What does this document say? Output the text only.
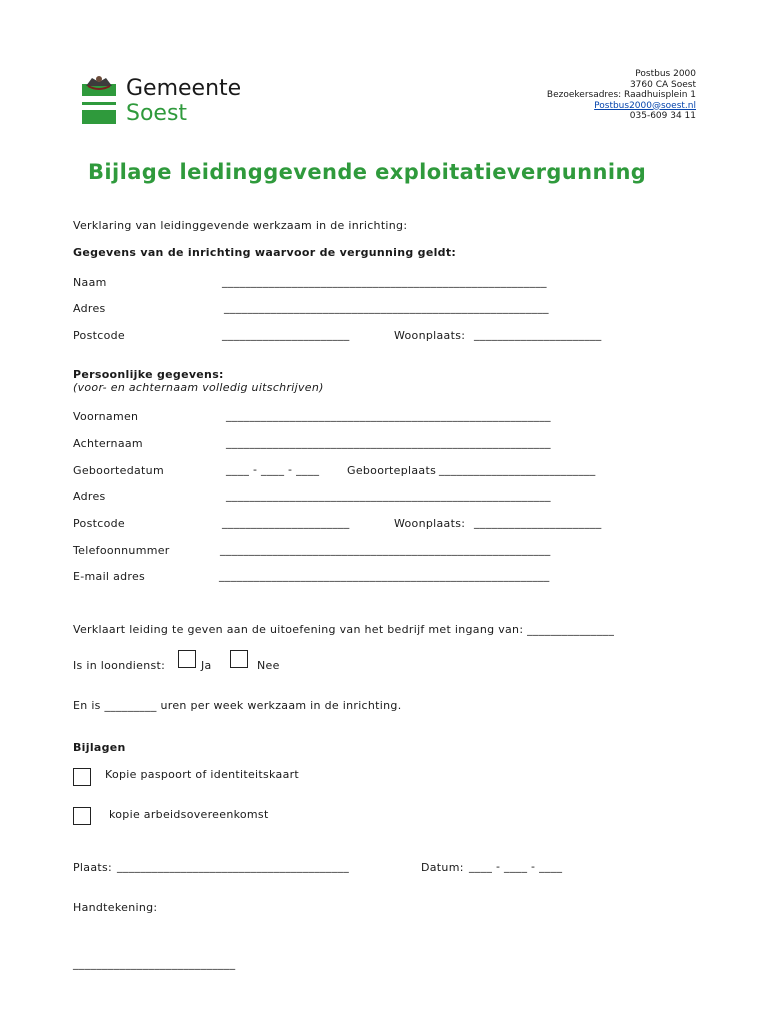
Gemeente
Soest
Postbus 2000
3760 CA Soest
Bezoekersadres: Raadhuisplein 1
Postbus2000@soest.nl
035-609 34 11
Bijlage leidinggevende exploitatievergunning
Verklaring van leidinggevende werkzaam in de inrichting:
Gegevens van de inrichting waarvoor de vergunning geldt:
Naam	________________________________________________________
Adres	________________________________________________________
Postcode	______________________	Woonplaats: ______________________
Persoonlijke gegevens:
(voor- en achternaam volledig uitschrijven)
Voornamen	________________________________________________________
Achternaam	________________________________________________________
Geboortedatum	____ - ____ - ____	Geboorteplaats ___________________________
Adres	________________________________________________________
Postcode	______________________	Woonplaats: ______________________
Telefoonnummer	_________________________________________________________
E-mail adres	_________________________________________________________
Verklaart leiding te geven aan de uitoefening van het bedrijf met ingang van: _______________
Is in loondienst:	Ja	Nee
En is _________ uren per week werkzaam in de inrichting.
Bijlagen
Kopie paspoort of identiteitskaart
kopie arbeidsovereenkomst
Plaats: ________________________________________	Datum: ____ - ____ - ____
Handtekening:
____________________________
